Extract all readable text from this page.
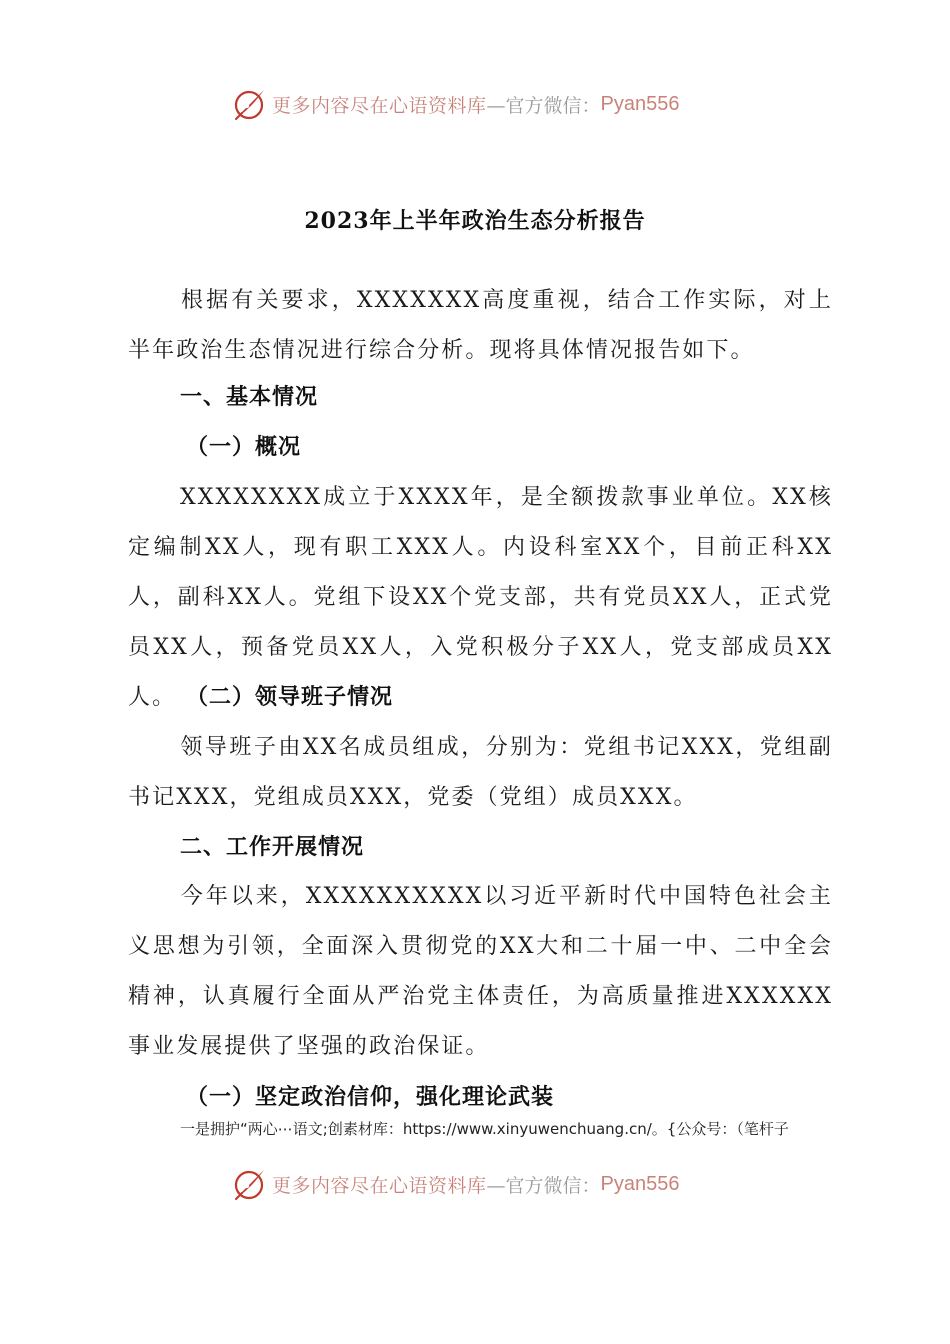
更多内容尽在心语资料库 —官方微信： Pyan556
2023年上半年政治生态分析报告

根据有关要求，XXXXXXX高度重视，结合工作实际，对上半年政治生态情况进行综合分析。现将具体情况报告如下。

一、基本情况
（一）概况

XXXXXXXX成立于XXXX年，是全额拨款事业单位。XX核定编制XX人，现有职工XXX人。内设科室XX个，目前正科XX人，副科XX人。党组下设XX个党支部，共有党员XX人，正式党员XX人，预备党员XX人，入党积极分子XX人，党支部成员XX人。 （二）领导班子情况

领导班子由XX名成员组成，分别为：党组书记XXX，党组副书记XXX，党组成员XXX，党委（党组）成员XXX。

二、工作开展情况

今年以来，XXXXXXXXXX以习近平新时代中国特色社会主义思想为引领，全面深入贯彻党的XX大和二十届一中、二中全会精神，认真履行全面从严治党主体责任，为高质量推进XXXXXX事业发展提供了坚强的政治保证。

（一）坚定政治信仰，强化理论武装
一是拥护“两心⋯语文;创素材库：https://www.xinyuwenchuang.cn/。{公众号：（笔杆子
更多内容尽在心语资料库 —官方微信： Pyan556
